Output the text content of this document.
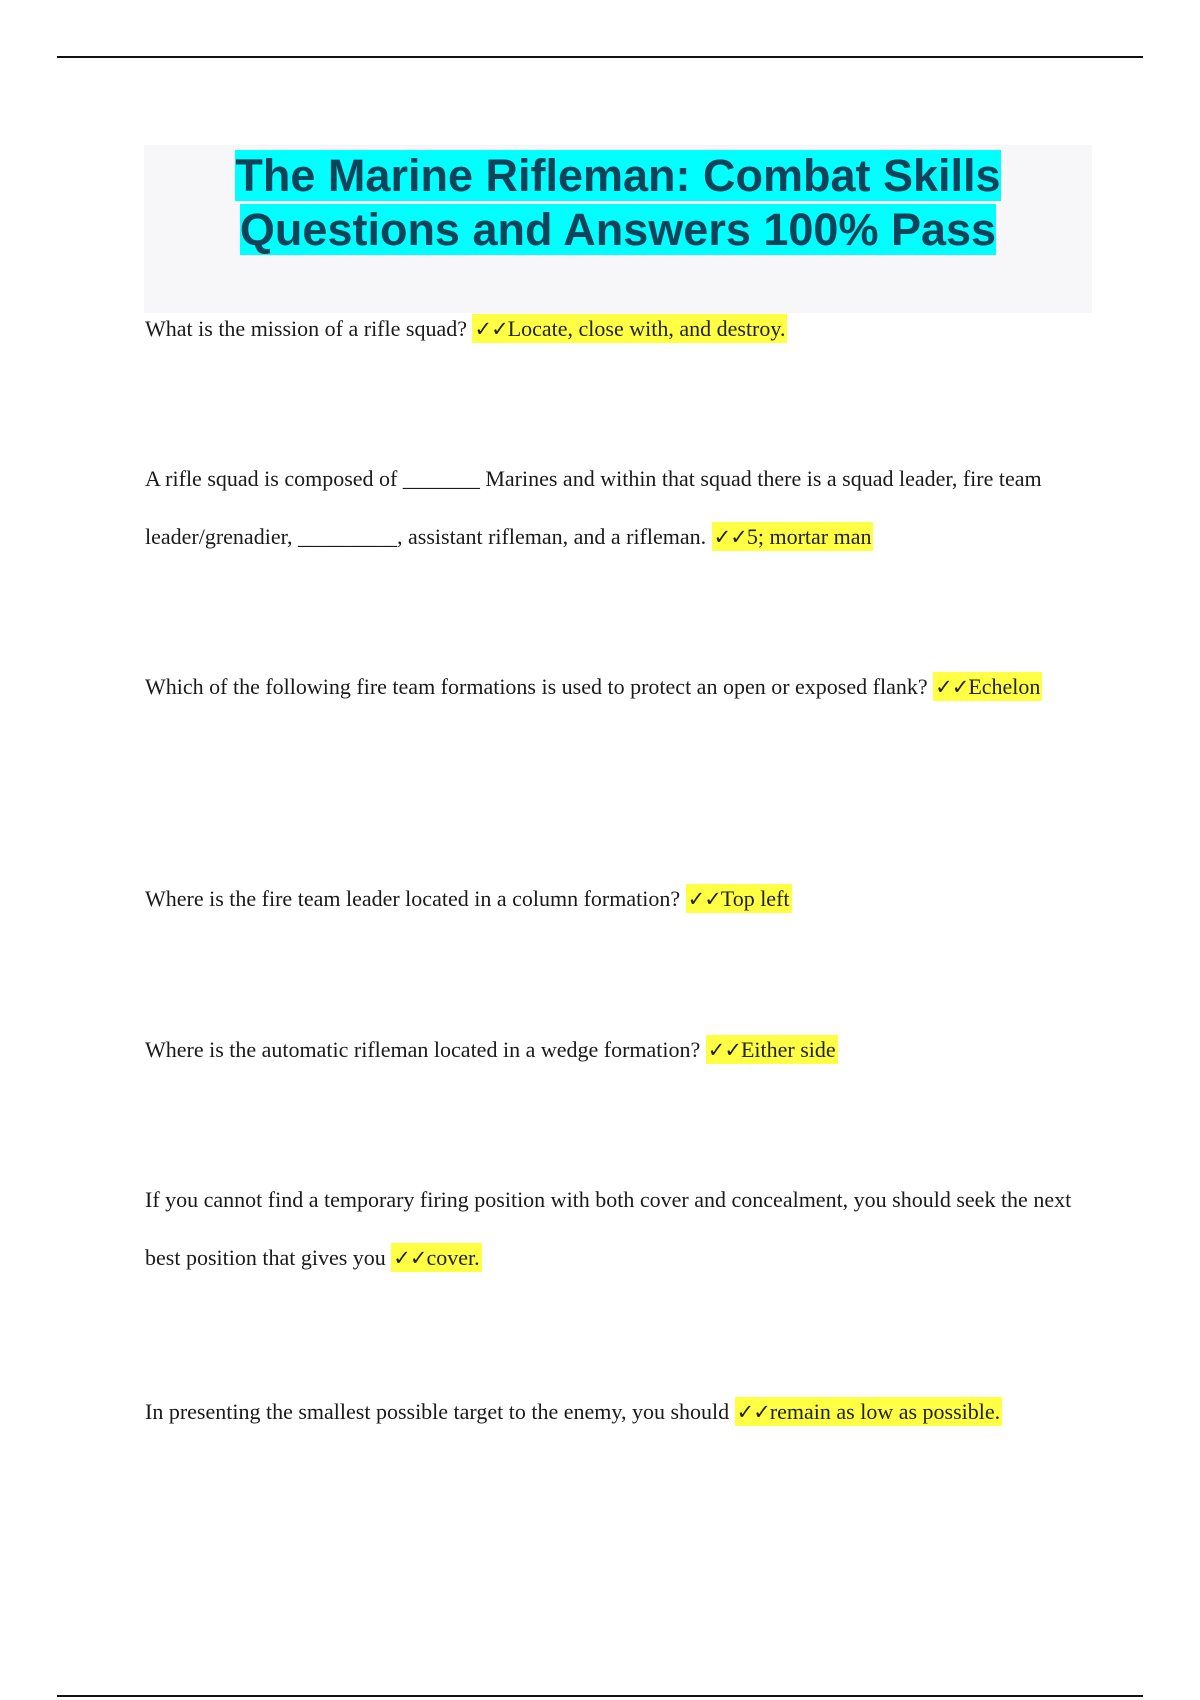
The Marine Rifleman: Combat Skills
Questions and Answers 100% Pass

What is the mission of a rifle squad? ✓✓Locate, close with, and destroy.

A rifle squad is composed of _______ Marines and within that squad there is a squad leader, fire team leader/grenadier, _________, assistant rifleman, and a rifleman. ✓✓5; mortar man

Which of the following fire team formations is used to protect an open or exposed flank? ✓✓Echelon

Where is the fire team leader located in a column formation? ✓✓Top left

Where is the automatic rifleman located in a wedge formation? ✓✓Either side

If you cannot find a temporary firing position with both cover and concealment, you should seek the next best position that gives you ✓✓cover.

In presenting the smallest possible target to the enemy, you should ✓✓remain as low as possible.
